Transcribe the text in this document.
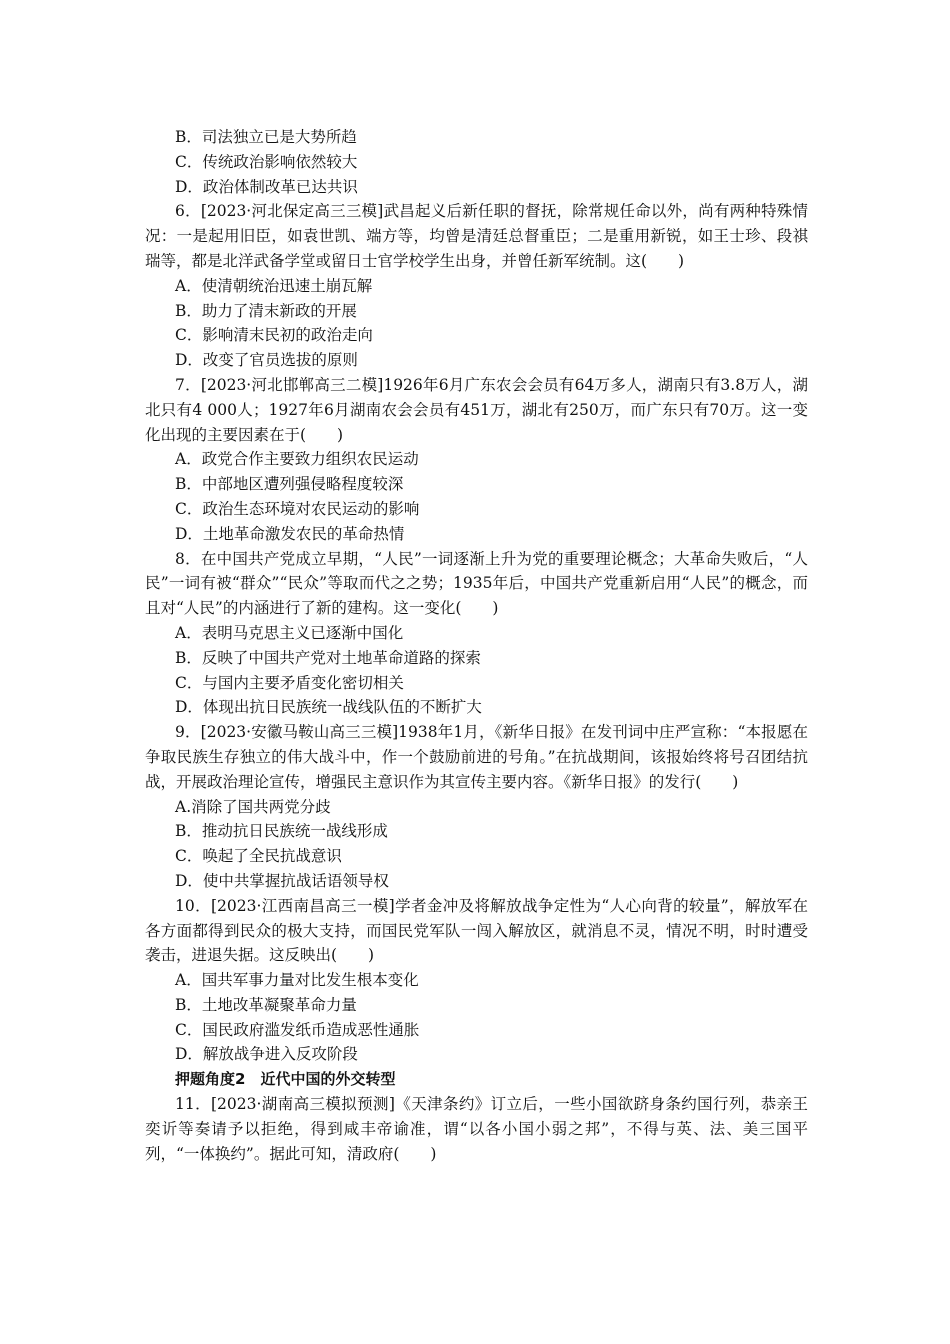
B．司法独立已是大势所趋
C．传统政治影响依然较大
D．政治体制改革已达共识
6．[2023·河北保定高三三模]武昌起义后新任职的督抚，除常规任命以外，尚有两种特殊情况：一是起用旧臣，如袁世凯、端方等，均曾是清廷总督重臣；二是重用新锐，如王士珍、段祺瑞等，都是北洋武备学堂或留日士官学校学生出身，并曾任新军统制。这(　　)
A．使清朝统治迅速土崩瓦解
B．助力了清末新政的开展
C．影响清末民初的政治走向
D．改变了官员选拔的原则
7．[2023·河北邯郸高三二模]1926年6月广东农会会员有64万多人，湖南只有3.8万人，湖北只有4 000人；1927年6月湖南农会会员有451万，湖北有250万，而广东只有70万。这一变化出现的主要因素在于(　　)
A．政党合作主要致力组织农民运动
B．中部地区遭列强侵略程度较深
C．政治生态环境对农民运动的影响
D．土地革命激发农民的革命热情
8．在中国共产党成立早期，“人民”一词逐渐上升为党的重要理论概念；大革命失败后，“人民”一词有被“群众”“民众”等取而代之之势；1935年后，中国共产党重新启用“人民”的概念，而且对“人民”的内涵进行了新的建构。这一变化(　　)
A．表明马克思主义已逐渐中国化
B．反映了中国共产党对土地革命道路的探索
C．与国内主要矛盾变化密切相关
D．体现出抗日民族统一战线队伍的不断扩大
9．[2023·安徽马鞍山高三三模]1938年1月，《新华日报》在发刊词中庄严宣称：“本报愿在争取民族生存独立的伟大战斗中，作一个鼓励前进的号角。”在抗战期间，该报始终将号召团结抗战，开展政治理论宣传，增强民主意识作为其宣传主要内容。《新华日报》的发行(　　)
A.消除了国共两党分歧
B．推动抗日民族统一战线形成
C．唤起了全民抗战意识
D．使中共掌握抗战话语领导权
10．[2023·江西南昌高三一模]学者金冲及将解放战争定性为“人心向背的较量”，解放军在各方面都得到民众的极大支持，而国民党军队一闯入解放区，就消息不灵，情况不明，时时遭受袭击，进退失据。这反映出(　　)
A．国共军事力量对比发生根本变化
B．土地改革凝聚革命力量
C．国民政府滥发纸币造成恶性通胀
D．解放战争进入反攻阶段
押题角度2　近代中国的外交转型
11．[2023·湖南高三模拟预测]《天津条约》订立后，一些小国欲跻身条约国行列，恭亲王奕䜣等奏请予以拒绝，得到咸丰帝谕准，谓“以各小国小弱之邦”，不得与英、法、美三国平列，“一体换约”。据此可知，清政府(　　)
